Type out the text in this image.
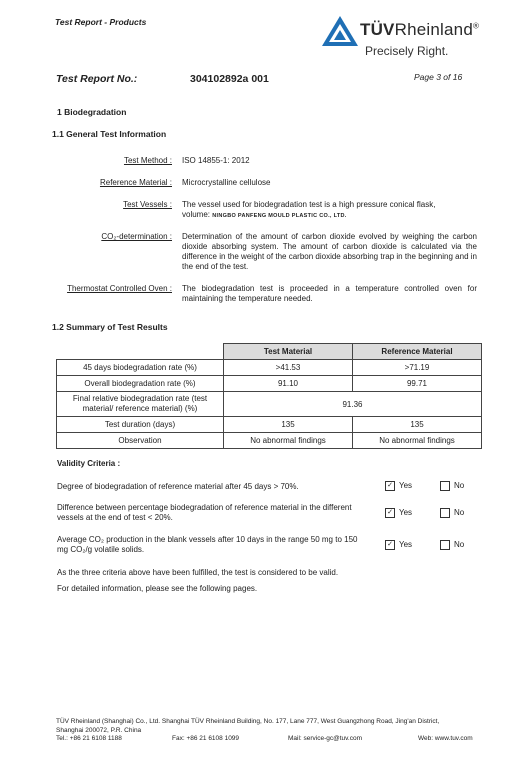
Test Report - Products	TÜVRheinland®
Precisely Right.
Test Report No.:	304102892a 001	Page 3 of 16
1 Biodegradation
1.1 General Test Information
Test Method : ISO 14855-1: 2012
Reference Material : Microcrystalline cellulose
Test Vessels : The vessel used for biodegradation test is a high pressure conical flask,
volume: NINGBO PANFENG MOULD PLASTIC CO., LTD.
CO₂-determination : Determination of the amount of carbon dioxide evolved by weighing the carbon dioxide absorbing system. The amount of carbon dioxide is calculated via the difference in the weight of the carbon dioxide absorbing trap in the beginning and in the end of the test.
Thermostat Controlled Oven : The biodegradation test is proceeded in a temperature controlled oven for maintaining the temperature needed.
1.2 Summary of Test Results
	Test Material	Reference Material
45 days biodegradation rate (%)	>41.53	>71.19
Overall biodegradation rate (%)	91.10	99.71
Final relative biodegradation rate (test material/ reference material) (%)	91.36	
Test duration (days)	135	135
Observation	No abnormal findings	No abnormal findings
Validity Criteria :
Degree of biodegradation of reference material after 45 days > 70%.	✓ Yes	No
Difference between percentage biodegradation of reference material in the different vessels at the end of test < 20%.
✓ Yes	No
Average CO₂ production in the blank vessels after 10 days in the range 50 mg to 150 mg CO₂/g volatile solids.
✓ Yes	No
As the three criteria above have been fulfilled, the test is considered to be valid.
For detailed information, please see the following pages.
TÜV Rheinland (Shanghai) Co., Ltd. Shanghai TÜV Rheinland Building, No. 177, Lane 777, West Guangzhong Road, Jing'an District,
Shanghai 200072, P.R. China
Tel.: +86 21 6108 1188	Fax: +86 21 6108 1099	Mail: service-gc@tuv.com	Web: www.tuv.com
